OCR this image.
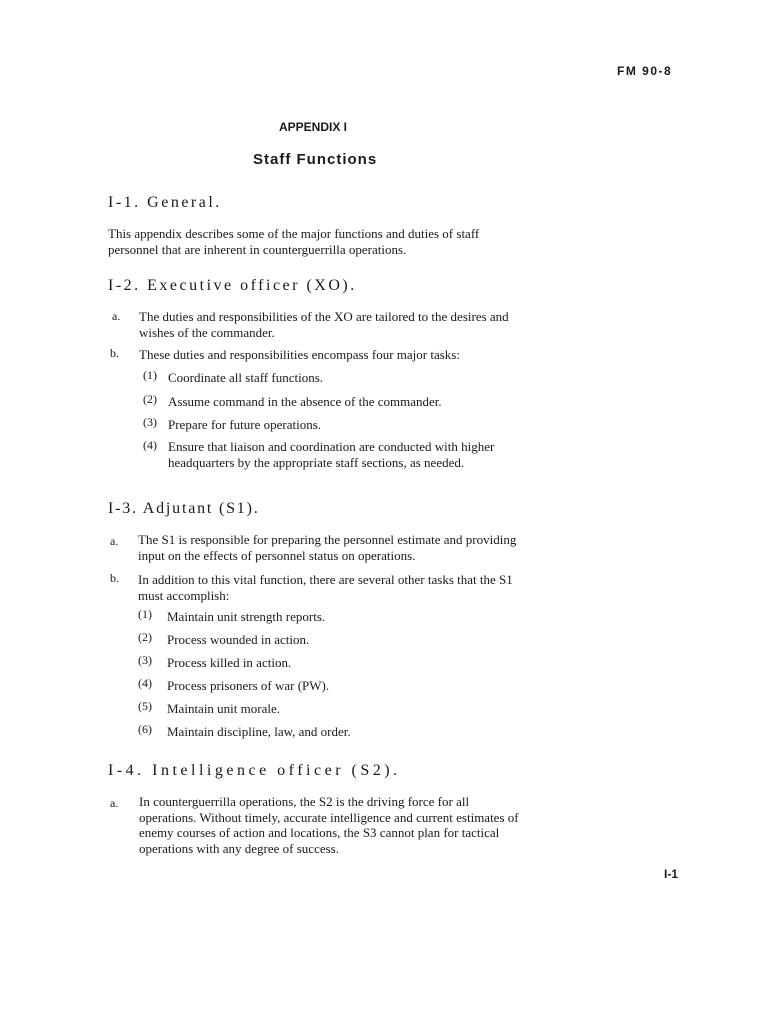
FM 90-8
APPENDIX I
Staff Functions
I-1. General.

This appendix describes some of the major functions and duties of staff personnel that are inherent in counterguerrilla operations.

I-2. Executive officer (XO).
a. The duties and responsibilities of the XO are tailored to the desires and wishes of the commander.

b. These duties and responsibilities encompass four major tasks:
(1) Coordinate all staff functions.
(2) Assume command in the absence of the commander.
(3) Prepare for future operations.
(4) Ensure that liaison and coordination are conducted with higher headquarters by the appropriate staff sections, as needed.

I-3. Adjutant (S1).
a. The S1 is responsible for preparing the personnel estimate and providing input on the effects of personnel status on operations.

b. In addition to this vital function, there are several other tasks that the S1 must accomplish:

(1) Maintain unit strength reports.
(2) Process wounded in action.
(3) Process killed in action.
(4) Process prisoners of war (PW).
(5) Maintain unit morale.
(6) Maintain discipline, law, and order.
I-4. Intelligence officer (S2).
a. In counterguerrilla operations, the S2 is the driving force for all operations. Without timely, accurate intelligence and current estimates of enemy courses of action and locations, the S3 cannot plan for tactical operations with any degree of success.

I-1
